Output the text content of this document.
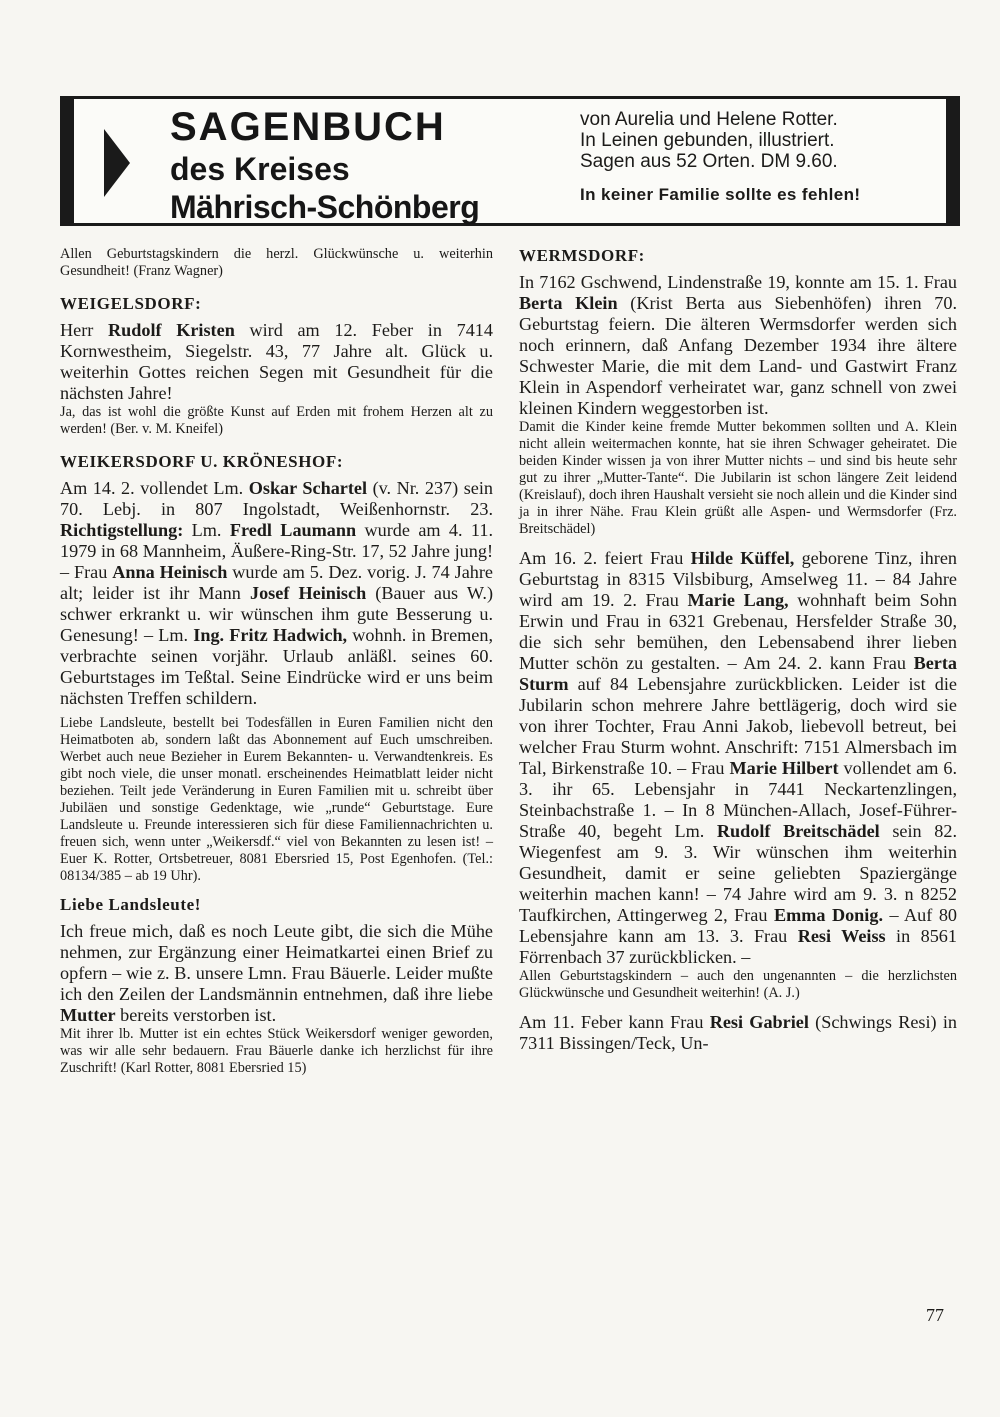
SAGENBUCH
des Kreises
Mährisch-Schönberg
von Aurelia und Helene Rotter.
In Leinen gebunden, illustriert.
Sagen aus 52 Orten. DM 9.60.
In keiner Familie sollte es fehlen!

Allen Geburtstagskindern die herzl. Glückwünsche u. weiterhin Gesundheit! (Franz Wagner)

WEIGELSDORF:

Herr Rudolf Kristen wird am 12. Feber in 7414 Kornwestheim, Siegelstr. 43, 77 Jahre alt. Glück u. weiterhin Gottes reichen Segen mit Gesundheit für die nächsten Jahre!

Ja, das ist wohl die größte Kunst auf Erden mit frohem Herzen alt zu werden! (Ber. v. M. Kneifel)

WEIKERSDORF U. KRÖNESHOF:

Am 14. 2. vollendet Lm. Oskar Schartel (v. Nr. 237) sein 70. Lebj. in 807 Ingolstadt, Weißenhornstr. 23. Richtigstellung: Lm. Fredl Laumann wurde am 4. 11. 1979 in 68 Mannheim, Äußere-Ring-Str. 17, 52 Jahre jung! – Frau Anna Heinisch wurde am 5. Dez. vorig. J. 74 Jahre alt; leider ist ihr Mann Josef Heinisch (Bauer aus W.) schwer erkrankt u. wir wünschen ihm gute Besserung u. Genesung! – Lm. Ing. Fritz Hadwich, wohnh. in Bremen, verbrachte seinen vorjähr. Urlaub anläßl. seines 60. Geburtstages im Teßtal. Seine Eindrücke wird er uns beim nächsten Treffen schildern.

Liebe Landsleute, bestellt bei Todesfällen in Euren Familien nicht den Heimatboten ab, sondern laßt das Abonnement auf Euch umschreiben. Werbet auch neue Bezieher in Eurem Bekannten- u. Verwandtenkreis. Es gibt noch viele, die unser monatl. erscheinendes Heimatblatt leider nicht beziehen. Teilt jede Veränderung in Euren Familien mit u. schreibt über Jubiläen und sonstige Gedenktage, wie „runde“ Geburtstage. Eure Landsleute u. Freunde interessieren sich für diese Familiennachrichten u. freuen sich, wenn unter „Weikersdf.“ viel von Bekannten zu lesen ist! – Euer K. Rotter, Ortsbetreuer, 8081 Ebersried 15, Post Egenhofen. (Tel.: 08134/385 – ab 19 Uhr).

Liebe Landsleute!

Ich freue mich, daß es noch Leute gibt, die sich die Mühe nehmen, zur Ergänzung einer Heimatkartei einen Brief zu opfern – wie z. B. unsere Lmn. Frau Bäuerle. Leider mußte ich den Zeilen der Landsmännin entnehmen, daß ihre liebe Mutter bereits verstorben ist.

Mit ihrer lb. Mutter ist ein echtes Stück Weikersdorf weniger geworden, was wir alle sehr bedauern. Frau Bäuerle danke ich herzlichst für ihre Zuschrift! (Karl Rotter, 8081 Ebersried 15)

WERMSDORF:

In 7162 Gschwend, Lindenstraße 19, konnte am 15. 1. Frau Berta Klein (Krist Berta aus Siebenhöfen) ihren 70. Geburtstag feiern. Die älteren Wermsdorfer werden sich noch erinnern, daß Anfang Dezember 1934 ihre ältere Schwester Marie, die mit dem Land- und Gastwirt Franz Klein in Aspendorf verheiratet war, ganz schnell von zwei kleinen Kindern weggestorben ist.

Damit die Kinder keine fremde Mutter bekommen sollten und A. Klein nicht allein weitermachen konnte, hat sie ihren Schwager geheiratet. Die beiden Kinder wissen ja von ihrer Mutter nichts – und sind bis heute sehr gut zu ihrer „Mutter-Tante“. Die Jubilarin ist schon längere Zeit leidend (Kreislauf), doch ihren Haushalt versieht sie noch allein und die Kinder sind ja in ihrer Nähe. Frau Klein grüßt alle Aspen- und Wermsdorfer (Frz. Breitschädel)

Am 16. 2. feiert Frau Hilde Küffel, geborene Tinz, ihren Geburtstag in 8315 Vilsbiburg, Amselweg 11. – 84 Jahre wird am 19. 2. Frau Marie Lang, wohnhaft beim Sohn Erwin und Frau in 6321 Grebenau, Hersfelder Straße 30, die sich sehr bemühen, den Lebensabend ihrer lieben Mutter schön zu gestalten. – Am 24. 2. kann Frau Berta Sturm auf 84 Lebensjahre zurückblicken. Leider ist die Jubilarin schon mehrere Jahre bettlägerig, doch wird sie von ihrer Tochter, Frau Anni Jakob, liebevoll betreut, bei welcher Frau Sturm wohnt. Anschrift: 7151 Almersbach im Tal, Birkenstraße 10. – Frau Marie Hilbert vollendet am 6. 3. ihr 65. Lebensjahr in 7441 Neckartenzlingen, Steinbachstraße 1. – In 8 München-Allach, Josef-Führer-Straße 40, begeht Lm. Rudolf Breitschädel sein 82. Wiegenfest am 9. 3. Wir wünschen ihm weiterhin Gesundheit, damit er seine geliebten Spaziergänge weiterhin machen kann! – 74 Jahre wird am 9. 3. n 8252 Taufkirchen, Attingerweg 2, Frau Emma Donig. – Auf 80 Lebensjahre kann am 13. 3. Frau Resi Weiss in 8561 Förrenbach 37 zurückblicken. –

Allen Geburtstagskindern – auch den ungenannten – die herzlichsten Glückwünsche und Gesundheit weiterhin! (A. J.)

Am 11. Feber kann Frau Resi Gabriel (Schwings Resi) in 7311 Bissingen/Teck, Un-

77
